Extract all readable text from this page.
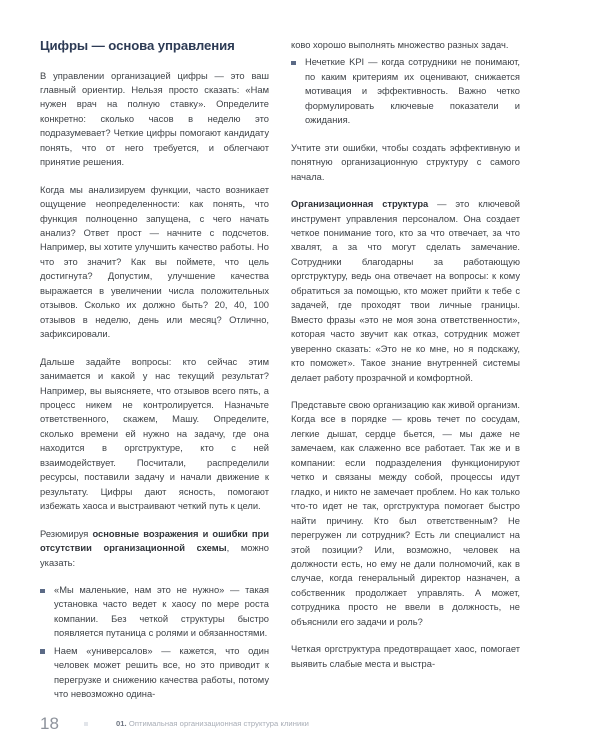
Цифры — основа управления

В управлении организацией цифры — это ваш главный ориентир. Нельзя просто сказать: «Нам нужен врач на полную ставку». Определите конкретно: сколько часов в неделю это подразумевает? Четкие цифры помогают кандидату понять, что от него требуется, и облегчают принятие решения.

Когда мы анализируем функции, часто возникает ощущение неопределенности: как понять, что функция полноценно запущена, с чего начать анализ? Ответ прост — начните с подсчетов. Например, вы хотите улучшить качество работы. Но что это значит? Как вы поймете, что цель достигнута? Допустим, улучшение качества выражается в увеличении числа положительных отзывов. Сколько их должно быть? 20, 40, 100 отзывов в неделю, день или месяц? Отлично, зафиксировали.

Дальше задайте вопросы: кто сейчас этим занимается и какой у нас текущий результат? Например, вы выясняете, что отзывов всего пять, а процесс никем не контролируется. Назначьте ответственного, скажем, Машу. Определите, сколько времени ей нужно на задачу, где она находится в оргструктуре, кто с ней взаимодействует. Посчитали, распределили ресурсы, поставили задачу и начали движение к результату. Цифры дают ясность, помогают избежать хаоса и выстраивают четкий путь к цели.

Резюмируя основные возражения и ошибки при отсутствии организационной схемы, можно указать:

«Мы маленькие, нам это не нужно» — такая установка часто ведет к хаосу по мере роста компании. Без четкой структуры быстро появляется путаница с ролями и обязанностями.
Наем «универсалов» — кажется, что один человек может решить все, но это приводит к перегрузке и снижению качества работы, потому что невозможно одина-

ково хорошо выполнять множество разных задач.

Нечеткие KPI — когда сотрудники не понимают, по каким критериям их оценивают, снижается мотивация и эффективность. Важно четко формулировать ключевые показатели и ожидания.

Учтите эти ошибки, чтобы создать эффективную и понятную организационную структуру с самого начала.

Организационная структура — это ключевой инструмент управления персоналом. Она создает четкое понимание того, кто за что отвечает, за что хвалят, а за что могут сделать замечание. Сотрудники благодарны за работающую оргструктуру, ведь она отвечает на вопросы: к кому обратиться за помощью, кто может прийти к тебе с задачей, где проходят твои личные границы. Вместо фразы «это не моя зона ответственности», которая часто звучит как отказ, сотрудник может уверенно сказать: «Это не ко мне, но я подскажу, кто поможет». Такое знание внутренней системы делает работу прозрачной и комфортной.

Представьте свою организацию как живой организм. Когда все в порядке — кровь течет по сосудам, легкие дышат, сердце бьется, — мы даже не замечаем, как слаженно все работает. Так же и в компании: если подразделения функционируют четко и связаны между собой, процессы идут гладко, и никто не замечает проблем. Но как только что-то идет не так, оргструктура помогает быстро найти причину. Кто был ответственным? Не перегружен ли сотрудник? Есть ли специалист на этой позиции? Или, возможно, человек на должности есть, но ему не дали полномочий, как в случае, когда генеральный директор назначен, а собственник продолжает управлять. А может, сотрудника просто не ввели в должность, не объяснили его задачи и роль?

Четкая оргструктура предотвращает хаос, помогает выявить слабые места и выстра-

18	01. Оптимальная организационная структура клиники
